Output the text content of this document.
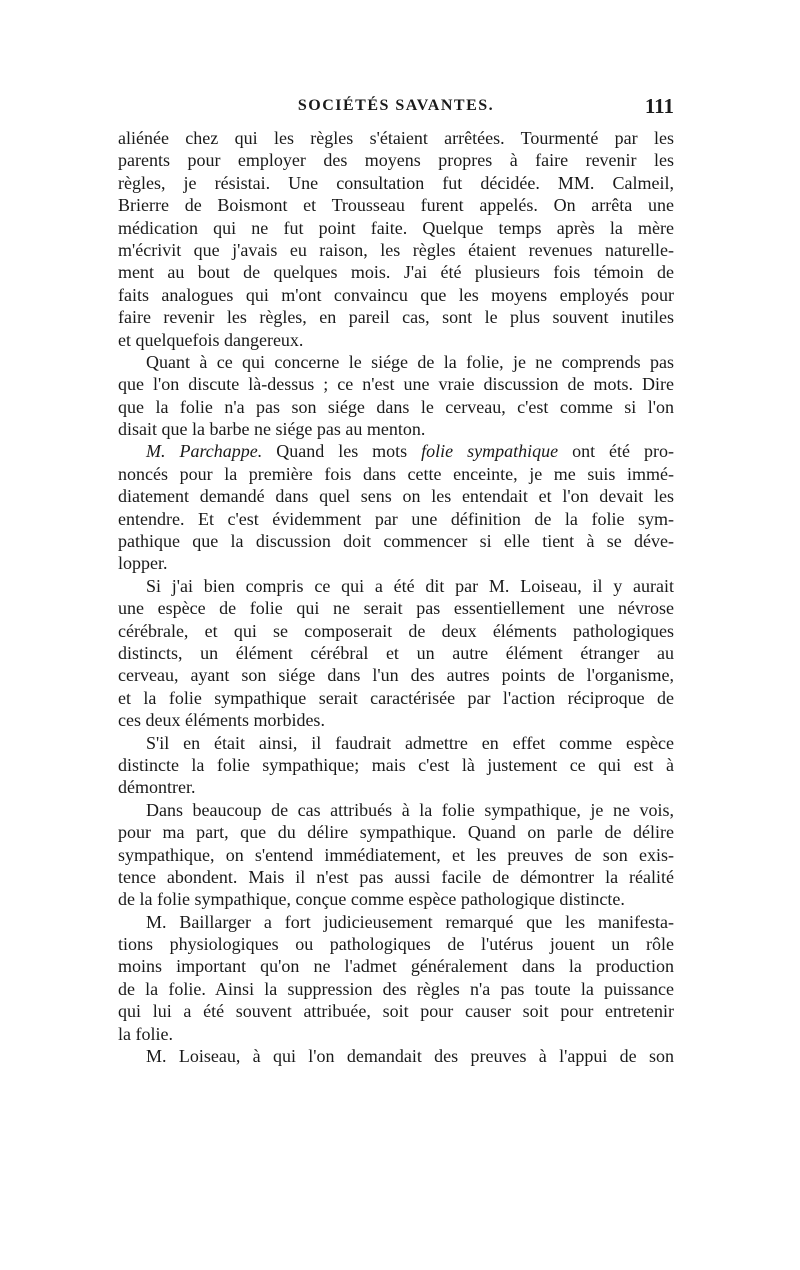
SOCIÉTÉS SAVANTES.	111
aliénée chez qui les règles s'étaient arrêtées. Tourmenté par les
parents pour employer des moyens propres à faire revenir les
règles, je résistai. Une consultation fut décidée. MM. Calmeil,
Brierre de Boismont et Trousseau furent appelés. On arrêta une
médication qui ne fut point faite. Quelque temps après la mère
m'écrivit que j'avais eu raison, les règles étaient revenues naturelle-
ment au bout de quelques mois. J'ai été plusieurs fois témoin de
faits analogues qui m'ont convaincu que les moyens employés pour
faire revenir les règles, en pareil cas, sont le plus souvent inutiles
et quelquefois dangereux.
Quant à ce qui concerne le siége de la folie, je ne comprends pas
que l'on discute là-dessus ; ce n'est une vraie discussion de mots. Dire
que la folie n'a pas son siége dans le cerveau, c'est comme si l'on
disait que la barbe ne siége pas au menton.
M. Parchappe. Quand les mots folie sympathique ont été pro-
noncés pour la première fois dans cette enceinte, je me suis immé-
diatement demandé dans quel sens on les entendait et l'on devait les
entendre. Et c'est évidemment par une définition de la folie sym-
pathique que la discussion doit commencer si elle tient à se déve-
lopper.
Si j'ai bien compris ce qui a été dit par M. Loiseau, il y aurait
une espèce de folie qui ne serait pas essentiellement une névrose
cérébrale, et qui se composerait de deux éléments pathologiques
distincts, un élément cérébral et un autre élément étranger au
cerveau, ayant son siége dans l'un des autres points de l'organisme,
et la folie sympathique serait caractérisée par l'action réciproque de
ces deux éléments morbides.
S'il en était ainsi, il faudrait admettre en effet comme espèce
distincte la folie sympathique; mais c'est là justement ce qui est à
démontrer.
Dans beaucoup de cas attribués à la folie sympathique, je ne vois,
pour ma part, que du délire sympathique. Quand on parle de délire
sympathique, on s'entend immédiatement, et les preuves de son exis-
tence abondent. Mais il n'est pas aussi facile de démontrer la réalité
de la folie sympathique, conçue comme espèce pathologique distincte.
M. Baillarger a fort judicieusement remarqué que les manifesta-
tions physiologiques ou pathologiques de l'utérus jouent un rôle
moins important qu'on ne l'admet généralement dans la production
de la folie. Ainsi la suppression des règles n'a pas toute la puissance
qui lui a été souvent attribuée, soit pour causer soit pour entretenir
la folie.
M. Loiseau, à qui l'on demandait des preuves à l'appui de son
